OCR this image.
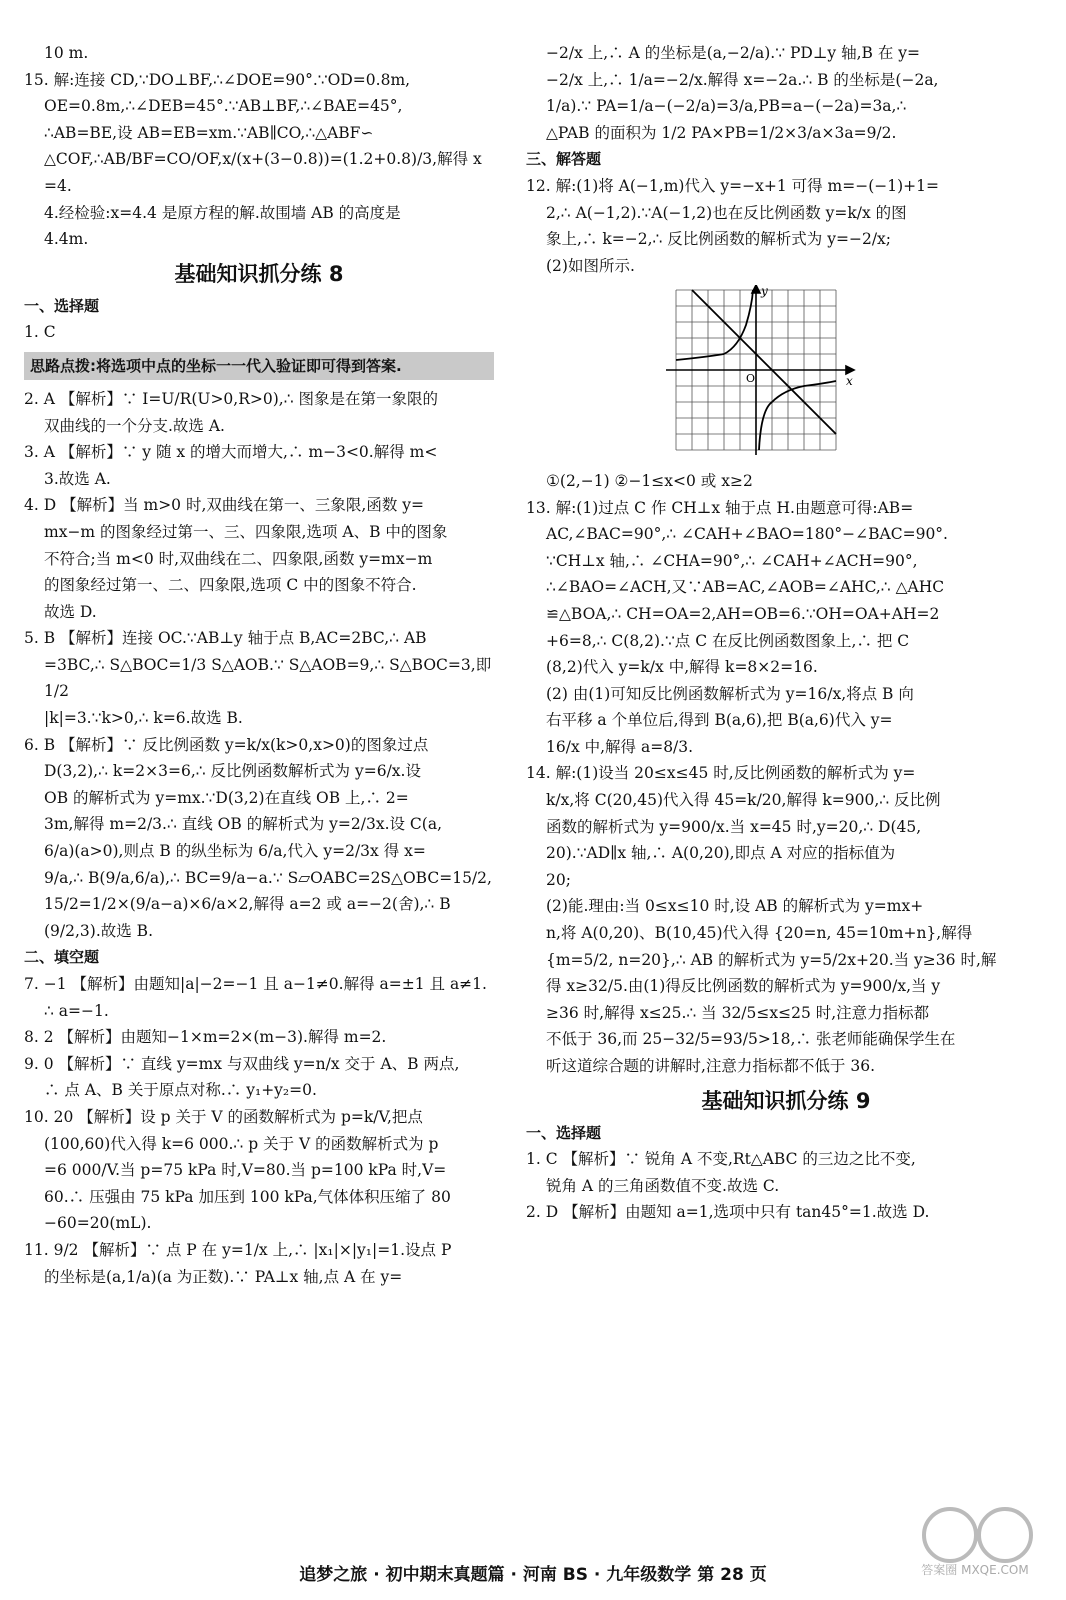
10 m.

15. 解:连接 CD,∵DO⊥BF,∴∠DOE=90°.∵OD=0.8m,

OE=0.8m,∴∠DEB=45°.∵AB⊥BF,∴∠BAE=45°,

∴AB=BE,设 AB=EB=xm.∵AB∥CO,∴△ABF∽

△COF,∴AB/BF=CO/OF,x/(x+(3−0.8))=(1.2+0.8)/3,解得 x=4.

4.经检验:x=4.4 是原方程的解.故围墙 AB 的高度是

4.4m.

基础知识抓分练 8

一、选择题

1. C

思路点拨:将选项中点的坐标一一代入验证即可得到答案.

2. A 【解析】∵ I=U/R(U>0,R>0),∴ 图象是在第一象限的

双曲线的一个分支.故选 A.

3. A 【解析】∵ y 随 x 的增大而增大,∴ m−3<0.解得 m<

3.故选 A.

4. D 【解析】当 m>0 时,双曲线在第一、三象限,函数 y=

mx−m 的图象经过第一、三、四象限,选项 A、B 中的图象

不符合;当 m<0 时,双曲线在二、四象限,函数 y=mx−m

的图象经过第一、二、四象限,选项 C 中的图象不符合.

故选 D.

5. B 【解析】连接 OC.∵AB⊥y 轴于点 B,AC=2BC,∴ AB

=3BC,∴ S△BOC=1/3 S△AOB.∵ S△AOB=9,∴ S△BOC=3,即 1/2

|k|=3.∵k>0,∴ k=6.故选 B.

6. B 【解析】∵ 反比例函数 y=k/x(k>0,x>0)的图象过点

D(3,2),∴ k=2×3=6,∴ 反比例函数解析式为 y=6/x.设

OB 的解析式为 y=mx.∵D(3,2)在直线 OB 上,∴ 2=

3m,解得 m=2/3.∴ 直线 OB 的解析式为 y=2/3x.设 C(a,

6/a)(a>0),则点 B 的纵坐标为 6/a,代入 y=2/3x 得 x=

9/a,∴ B(9/a,6/a),∴ BC=9/a−a.∵ S▱OABC=2S△OBC=15/2,

15/2=1/2×(9/a−a)×6/a×2,解得 a=2 或 a=−2(舍),∴ B

(9/2,3).故选 B.

二、填空题

7. −1 【解析】由题知|a|−2=−1 且 a−1≠0.解得 a=±1 且 a≠1.∴ a=−1.

8. 2 【解析】由题知−1×m=2×(m−3).解得 m=2.

9. 0 【解析】∵ 直线 y=mx 与双曲线 y=n/x 交于 A、B 两点,

∴ 点 A、B 关于原点对称.∴ y₁+y₂=0.

10. 20 【解析】设 p 关于 V 的函数解析式为 p=k/V,把点

(100,60)代入得 k=6 000.∴ p 关于 V 的函数解析式为 p

=6 000/V.当 p=75 kPa 时,V=80.当 p=100 kPa 时,V=

60.∴ 压强由 75 kPa 加压到 100 kPa,气体体积压缩了 80

−60=20(mL).

11. 9/2 【解析】∵ 点 P 在 y=1/x 上,∴ |x₁|×|y₁|=1.设点 P

的坐标是(a,1/a)(a 为正数).∵ PA⊥x 轴,点 A 在 y=

−2/x 上,∴ A 的坐标是(a,−2/a).∵ PD⊥y 轴,B 在 y=

−2/x 上,∴ 1/a=−2/x.解得 x=−2a.∴ B 的坐标是(−2a,

1/a).∵ PA=1/a−(−2/a)=3/a,PB=a−(−2a)=3a,∴

△PAB 的面积为 1/2 PA×PB=1/2×3/a×3a=9/2.

三、解答题

12. 解:(1)将 A(−1,m)代入 y=−x+1 可得 m=−(−1)+1=

2,∴ A(−1,2).∵A(−1,2)也在反比例函数 y=k/x 的图

象上,∴ k=−2,∴ 反比例函数的解析式为 y=−2/x;

(2)如图所示.

x
y
O

①(2,−1) ②−1≤x<0 或 x≥2

13. 解:(1)过点 C 作 CH⊥x 轴于点 H.由题意可得:AB=

AC,∠BAC=90°,∴ ∠CAH+∠BAO=180°−∠BAC=90°.

∵CH⊥x 轴,∴ ∠CHA=90°,∴ ∠CAH+∠ACH=90°,

∴∠BAO=∠ACH,又∵AB=AC,∠AOB=∠AHC,∴ △AHC

≌△BOA,∴ CH=OA=2,AH=OB=6.∵OH=OA+AH=2

+6=8,∴ C(8,2).∵点 C 在反比例函数图象上,∴ 把 C

(8,2)代入 y=k/x 中,解得 k=8×2=16.

(2) 由(1)可知反比例函数解析式为 y=16/x,将点 B 向

右平移 a 个单位后,得到 B(a,6),把 B(a,6)代入 y=

16/x 中,解得 a=8/3.

14. 解:(1)设当 20≤x≤45 时,反比例函数的解析式为 y=

k/x,将 C(20,45)代入得 45=k/20,解得 k=900,∴ 反比例

函数的解析式为 y=900/x.当 x=45 时,y=20,∴ D(45,

20).∵AD∥x 轴,∴ A(0,20),即点 A 对应的指标值为

20;

(2)能.理由:当 0≤x≤10 时,设 AB 的解析式为 y=mx+

n,将 A(0,20)、B(10,45)代入得 {20=n, 45=10m+n},解得

{m=5/2, n=20},∴ AB 的解析式为 y=5/2x+20.当 y≥36 时,解

得 x≥32/5.由(1)得反比例函数的解析式为 y=900/x,当 y

≥36 时,解得 x≤25.∴ 当 32/5≤x≤25 时,注意力指标都

不低于 36,而 25−32/5=93/5>18,∴ 张老师能确保学生在

听这道综合题的讲解时,注意力指标都不低于 36.

基础知识抓分练 9

一、选择题

1. C 【解析】∵ 锐角 A 不变,Rt△ABC 的三边之比不变,

锐角 A 的三角函数值不变.故选 C.

2. D 【解析】由题知 a=1,选项中只有 tan45°=1.故选 D.

追梦之旅 · 初中期末真题篇 · 河南 BS · 九年级数学 第 28 页	答案圈 MXQE.COM
